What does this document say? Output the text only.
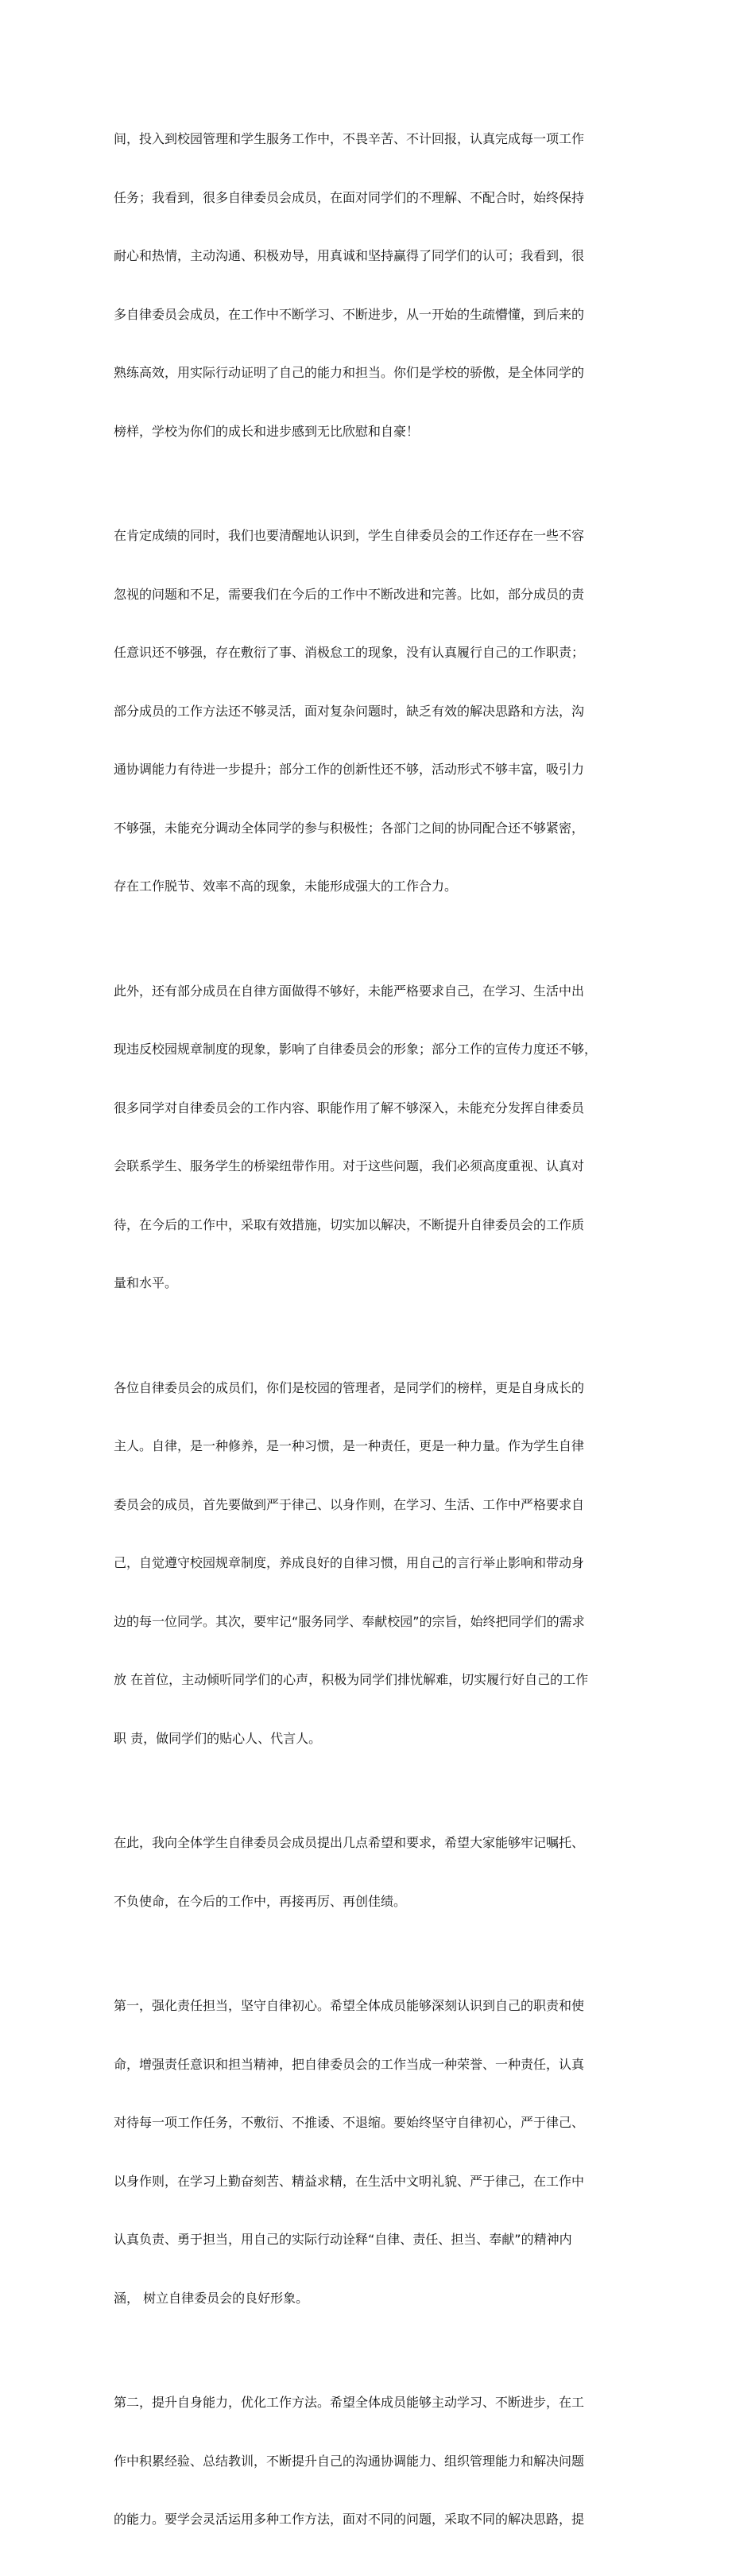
间，投入到校园管理和学生服务工作中，不畏辛苦、不计回报，认真完成每一项工作

任务；我看到，很多自律委员会成员，在面对同学们的不理解、不配合时，始终保持

耐心和热情，主动沟通、积极劝导，用真诚和坚持赢得了同学们的认可；我看到，很

多自律委员会成员，在工作中不断学习、不断进步，从一开始的生疏懵懂，到后来的

熟练高效，用实际行动证明了自己的能力和担当。你们是学校的骄傲，是全体同学的

榜样，学校为你们的成长和进步感到无比欣慰和自豪！

在肯定成绩的同时，我们也要清醒地认识到，学生自律委员会的工作还存在一些不容

忽视的问题和不足，需要我们在今后的工作中不断改进和完善。比如，部分成员的责

任意识还不够强，存在敷衍了事、消极怠工的现象，没有认真履行自己的工作职责；

部分成员的工作方法还不够灵活，面对复杂问题时，缺乏有效的解决思路和方法，沟

通协调能力有待进一步提升；部分工作的创新性还不够，活动形式不够丰富，吸引力

不够强，未能充分调动全体同学的参与积极性；各部门之间的协同配合还不够紧密，

存在工作脱节、效率不高的现象，未能形成强大的工作合力。

此外，还有部分成员在自律方面做得不够好，未能严格要求自己，在学习、生活中出

现违反校园规章制度的现象，影响了自律委员会的形象；部分工作的宣传力度还不够，

很多同学对自律委员会的工作内容、职能作用了解不够深入，未能充分发挥自律委员

会联系学生、服务学生的桥梁纽带作用。对于这些问题，我们必须高度重视、认真对

待，在今后的工作中，采取有效措施，切实加以解决，不断提升自律委员会的工作质

量和水平。

各位自律委员会的成员们，你们是校园的管理者，是同学们的榜样，更是自身成长的

主人。自律，是一种修养，是一种习惯，是一种责任，更是一种力量。作为学生自律

委员会的成员，首先要做到严于律己、以身作则，在学习、生活、工作中严格要求自

己，自觉遵守校园规章制度，养成良好的自律习惯，用自己的言行举止影响和带动身

边的每一位同学。其次，要牢记“服务同学、奉献校园”的宗旨，始终把同学们的需求

放 在首位，主动倾听同学们的心声，积极为同学们排忧解难，切实履行好自己的工作

职 责，做同学们的贴心人、代言人。

在此，我向全体学生自律委员会成员提出几点希望和要求，希望大家能够牢记嘱托、

不负使命，在今后的工作中，再接再厉、再创佳绩。

第一，强化责任担当，坚守自律初心。希望全体成员能够深刻认识到自己的职责和使

命，增强责任意识和担当精神，把自律委员会的工作当成一种荣誉、一种责任，认真

对待每一项工作任务，不敷衍、不推诿、不退缩。要始终坚守自律初心，严于律己、

以身作则，在学习上勤奋刻苦、精益求精，在生活中文明礼貌、严于律己，在工作中

认真负责、勇于担当，用自己的实际行动诠释“自律、责任、担当、奉献”的精神内

涵， 树立自律委员会的良好形象。

第二，提升自身能力，优化工作方法。希望全体成员能够主动学习、不断进步，在工

作中积累经验、总结教训，不断提升自己的沟通协调能力、组织管理能力和解决问题

的能力。要学会灵活运用多种工作方法，面对不同的问题，采取不同的解决思路，提
